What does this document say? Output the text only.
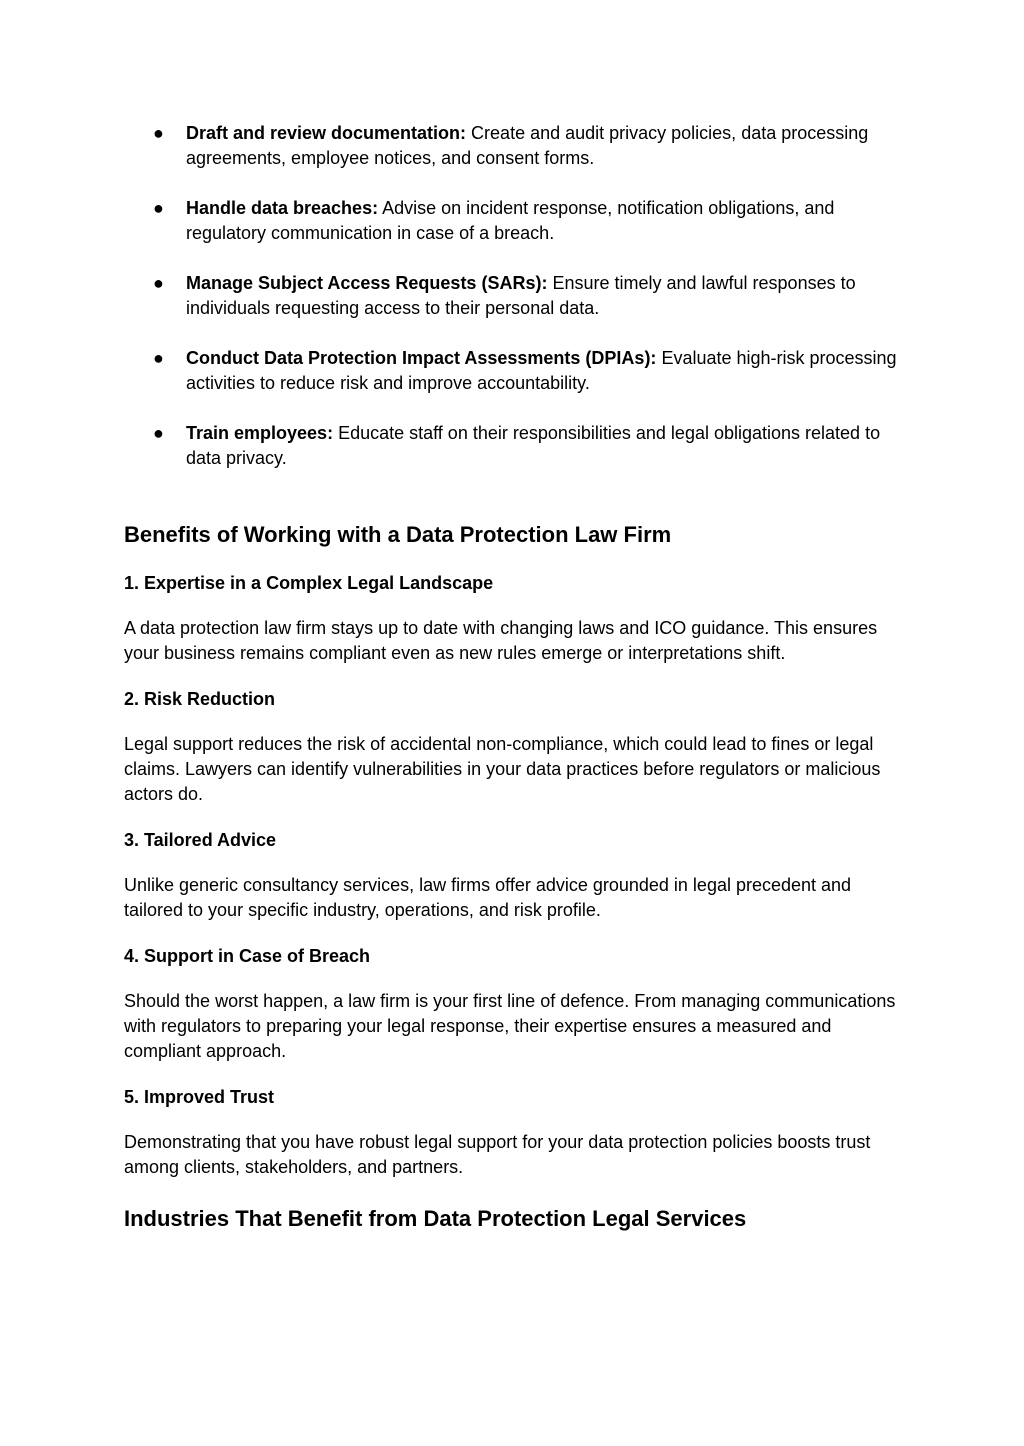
● Draft and review documentation: Create and audit privacy policies, data processing agreements, employee notices, and consent forms.
● Handle data breaches: Advise on incident response, notification obligations, and regulatory communication in case of a breach.
● Manage Subject Access Requests (SARs): Ensure timely and lawful responses to individuals requesting access to their personal data.
● Conduct Data Protection Impact Assessments (DPIAs): Evaluate high-risk processing activities to reduce risk and improve accountability.
● Train employees: Educate staff on their responsibilities and legal obligations related to data privacy.
Benefits of Working with a Data Protection Law Firm
1. Expertise in a Complex Legal Landscape

A data protection law firm stays up to date with changing laws and ICO guidance. This ensures your business remains compliant even as new rules emerge or interpretations shift.

2. Risk Reduction

Legal support reduces the risk of accidental non-compliance, which could lead to fines or legal claims. Lawyers can identify vulnerabilities in your data practices before regulators or malicious actors do.

3. Tailored Advice

Unlike generic consultancy services, law firms offer advice grounded in legal precedent and tailored to your specific industry, operations, and risk profile.

4. Support in Case of Breach

Should the worst happen, a law firm is your first line of defence. From managing communications with regulators to preparing your legal response, their expertise ensures a measured and compliant approach.

5. Improved Trust

Demonstrating that you have robust legal support for your data protection policies boosts trust among clients, stakeholders, and partners.

Industries That Benefit from Data Protection Legal Services
